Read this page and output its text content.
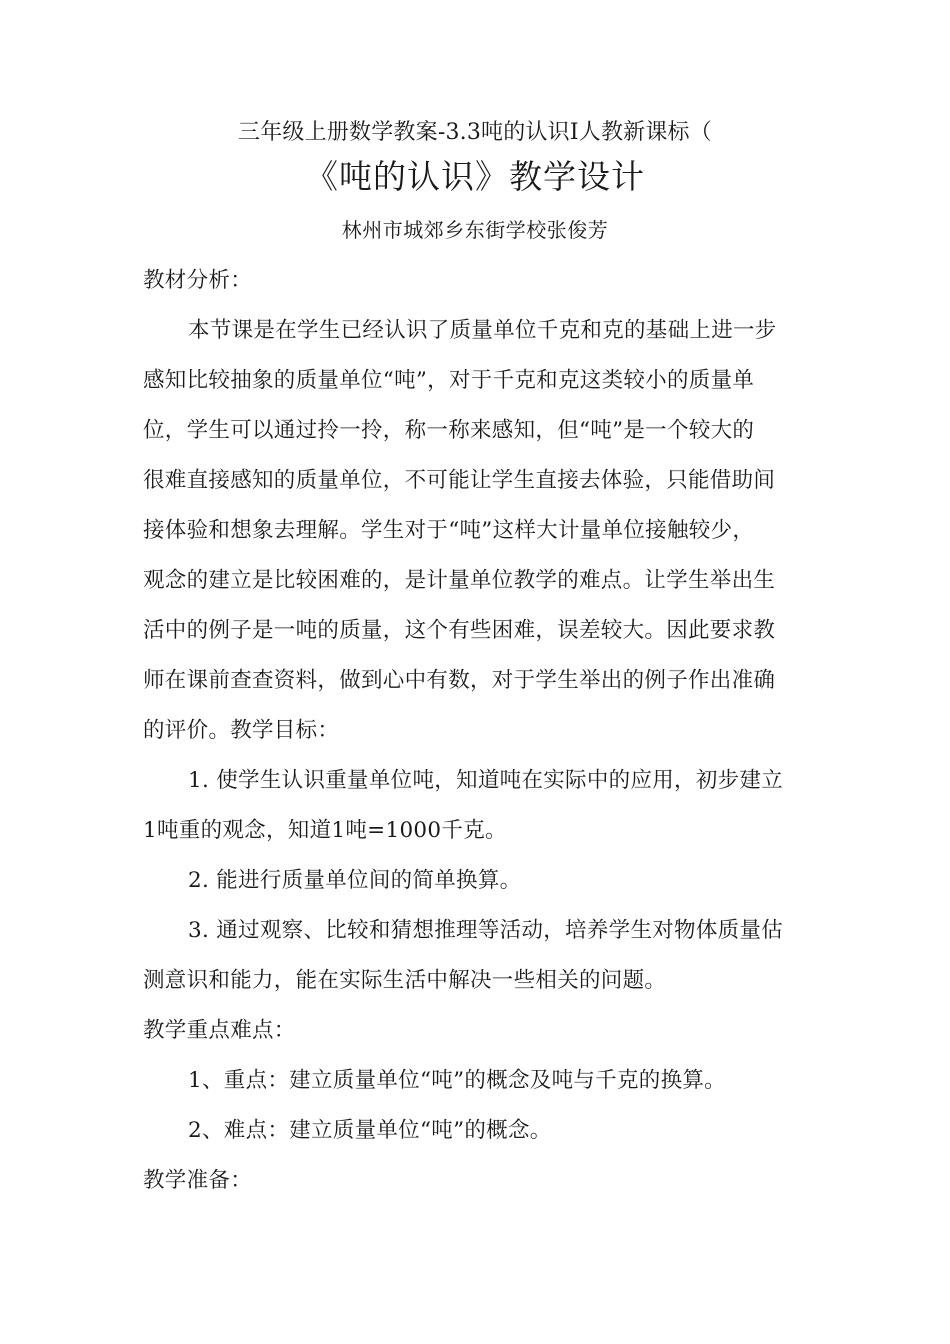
三年级上册数学教案-3.3吨的认识Ⅰ人教新课标（
《吨的认识》教学设计
林州市城郊乡东街学校张俊芳
教材分析：
本节课是在学生已经认识了质量单位千克和克的基础上进一步
感知比较抽象的质量单位“吨”，对于千克和克这类较小的质量单
位，学生可以通过拎一拎，称一称来感知，但“吨”是一个较大的
很难直接感知的质量单位，不可能让学生直接去体验，只能借助间
接体验和想象去理解。学生对于“吨”这样大计量单位接触较少，
观念的建立是比较困难的，是计量单位教学的难点。让学生举出生
活中的例子是一吨的质量，这个有些困难，误差较大。因此要求教
师在课前查查资料，做到心中有数，对于学生举出的例子作出准确
的评价。教学目标：
1. 使学生认识重量单位吨，知道吨在实际中的应用，初步建立
1吨重的观念，知道1吨=1000千克。
2. 能进行质量单位间的简单换算。
3. 通过观察、比较和猜想推理等活动，培养学生对物体质量估
测意识和能力，能在实际生活中解决一些相关的问题。
教学重点难点：
1、重点：建立质量单位“吨”的概念及吨与千克的换算。
2、难点：建立质量单位“吨”的概念。
教学准备：
